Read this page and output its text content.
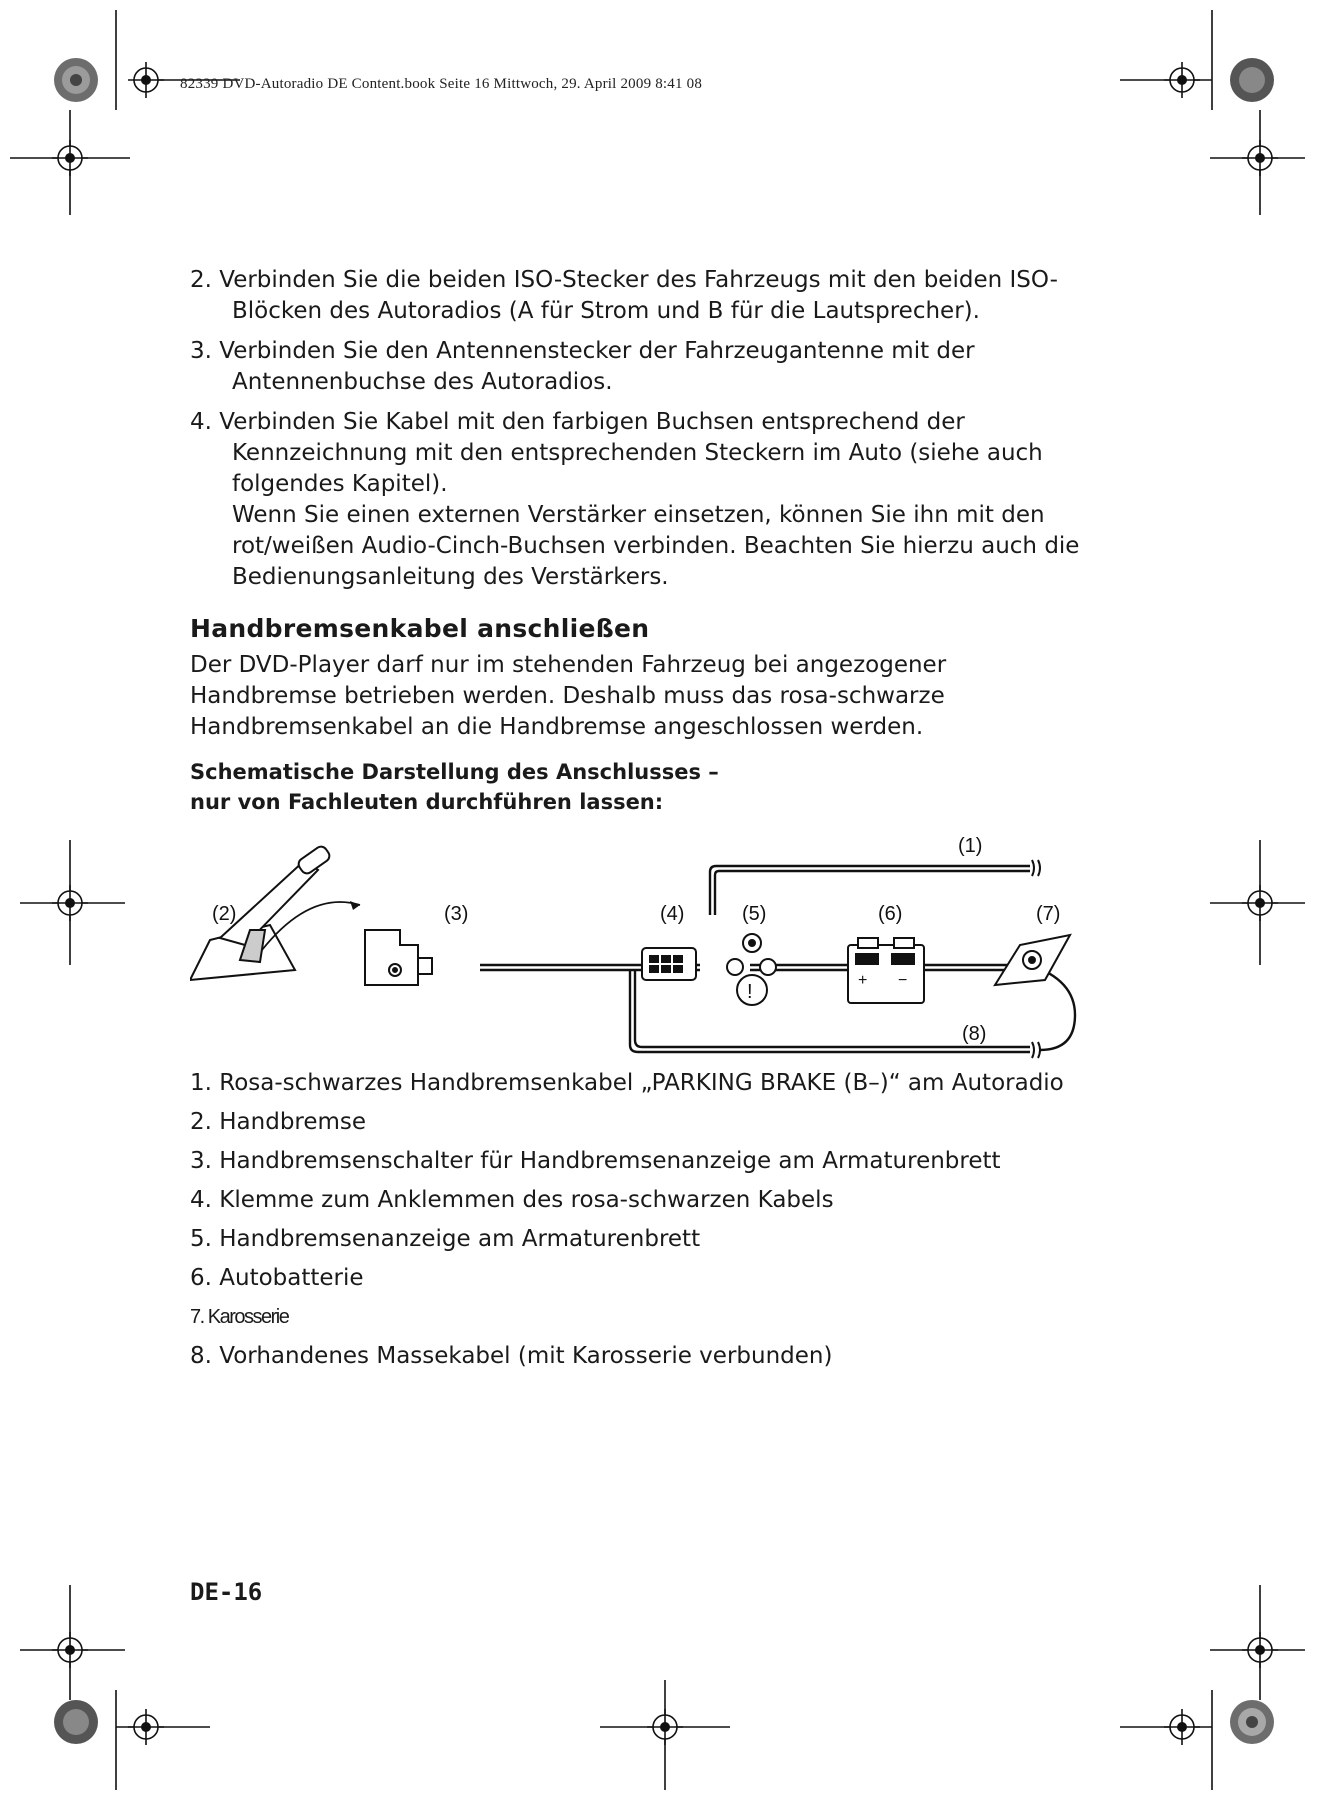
82339 DVD-Autoradio DE Content.book Seite 16 Mittwoch, 29. April 2009 8:41 08

2. Verbinden Sie die beiden ISO-Stecker des Fahrzeugs mit den beiden ISO-Blöcken des Autoradios (A für Strom und B für die Lautsprecher).

3. Verbinden Sie den Antennenstecker der Fahrzeugantenne mit der Antennenbuchse des Autoradios.

4. Verbinden Sie Kabel mit den farbigen Buchsen entsprechend der Kennzeichnung mit den entsprechenden Steckern im Auto (siehe auch folgendes Kapitel).

Wenn Sie einen externen Verstärker einsetzen, können Sie ihn mit den rot/weißen Audio-Cinch-Buchsen verbinden. Beachten Sie hierzu auch die Bedienungsanleitung des Verstärkers.

Handbremsenkabel anschließen

Der DVD-Player darf nur im stehenden Fahrzeug bei angezogener Handbremse betrieben werden. Deshalb muss das rosa-schwarze Handbremsenkabel an die Handbremse angeschlossen werden.

Schematische Darstellung des Anschlusses –

nur von Fachleuten durchführen lassen:

!
+ −
(1)
(2)	(3)	(4)	(5)	(6)	(7)
(8)

1. Rosa-schwarzes Handbremsenkabel „PARKING BRAKE (B–)“ am Autoradio

2. Handbremse

3. Handbremsenschalter für Handbremsenanzeige am Armaturenbrett

4. Klemme zum Anklemmen des rosa-schwarzen Kabels

5. Handbremsenanzeige am Armaturenbrett

6. Autobatterie

7. Karosserie

8. Vorhandenes Massekabel (mit Karosserie verbunden)

DE-16
